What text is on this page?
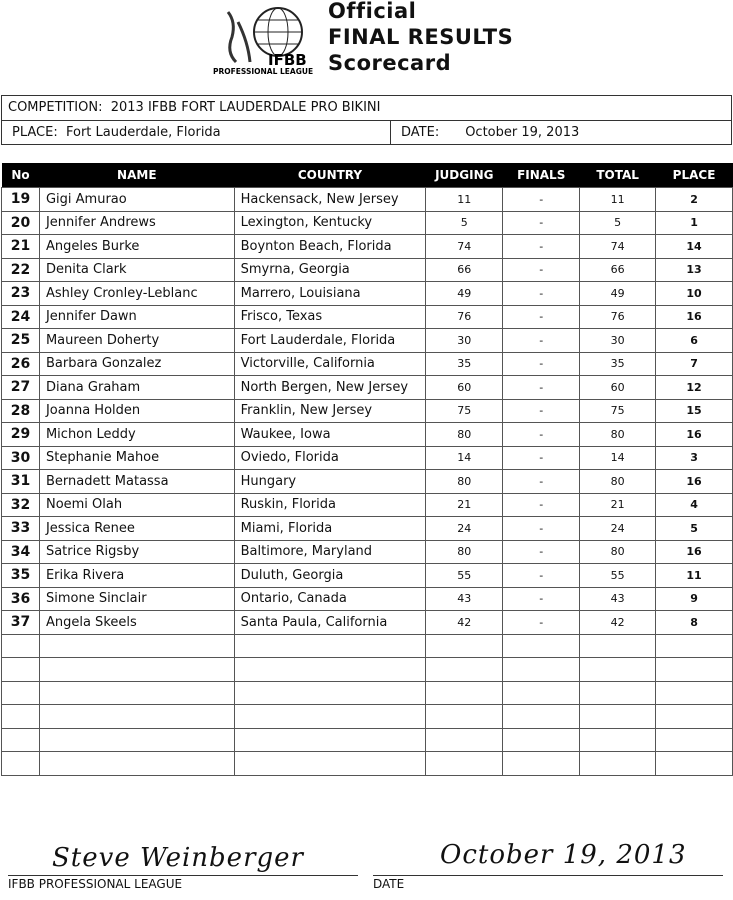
IFBB
PROFESSIONAL LEAGUE
Official
FINAL RESULTS
Scorecard
COMPETITION: 2013 IFBB FORT LAUDERDALE PRO BIKINI
PLACE: Fort Lauderdale, Florida	DATE: October 19, 2013
No	NAME	COUNTRY	JUDGING	FINALS	TOTAL	PLACE
19	Gigi Amurao	Hackensack, New Jersey	11	-	11	2
20	Jennifer Andrews	Lexington, Kentucky	5	-	5	1
21	Angeles Burke	Boynton Beach, Florida	74	-	74	14
22	Denita Clark	Smyrna, Georgia	66	-	66	13
23	Ashley Cronley-Leblanc	Marrero, Louisiana	49	-	49	10
24	Jennifer Dawn	Frisco, Texas	76	-	76	16
25	Maureen Doherty	Fort Lauderdale, Florida	30	-	30	6
26	Barbara Gonzalez	Victorville, California	35	-	35	7
27	Diana Graham	North Bergen, New Jersey	60	-	60	12
28	Joanna Holden	Franklin, New Jersey	75	-	75	15
29	Michon Leddy	Waukee, Iowa	80	-	80	16
30	Stephanie Mahoe	Oviedo, Florida	14	-	14	3
31	Bernadett Matassa	Hungary	80	-	80	16
32	Noemi Olah	Ruskin, Florida	21	-	21	4
33	Jessica Renee	Miami, Florida	24	-	24	5
34	Satrice Rigsby	Baltimore, Maryland	80	-	80	16
35	Erika Rivera	Duluth, Georgia	55	-	55	11
36	Simone Sinclair	Ontario, Canada	43	-	43	9
37	Angela Skeels	Santa Paula, California	42	-	42	8

Steve Weinberger
IFBB PROFESSIONAL LEAGUE
October 19, 2013
DATE
